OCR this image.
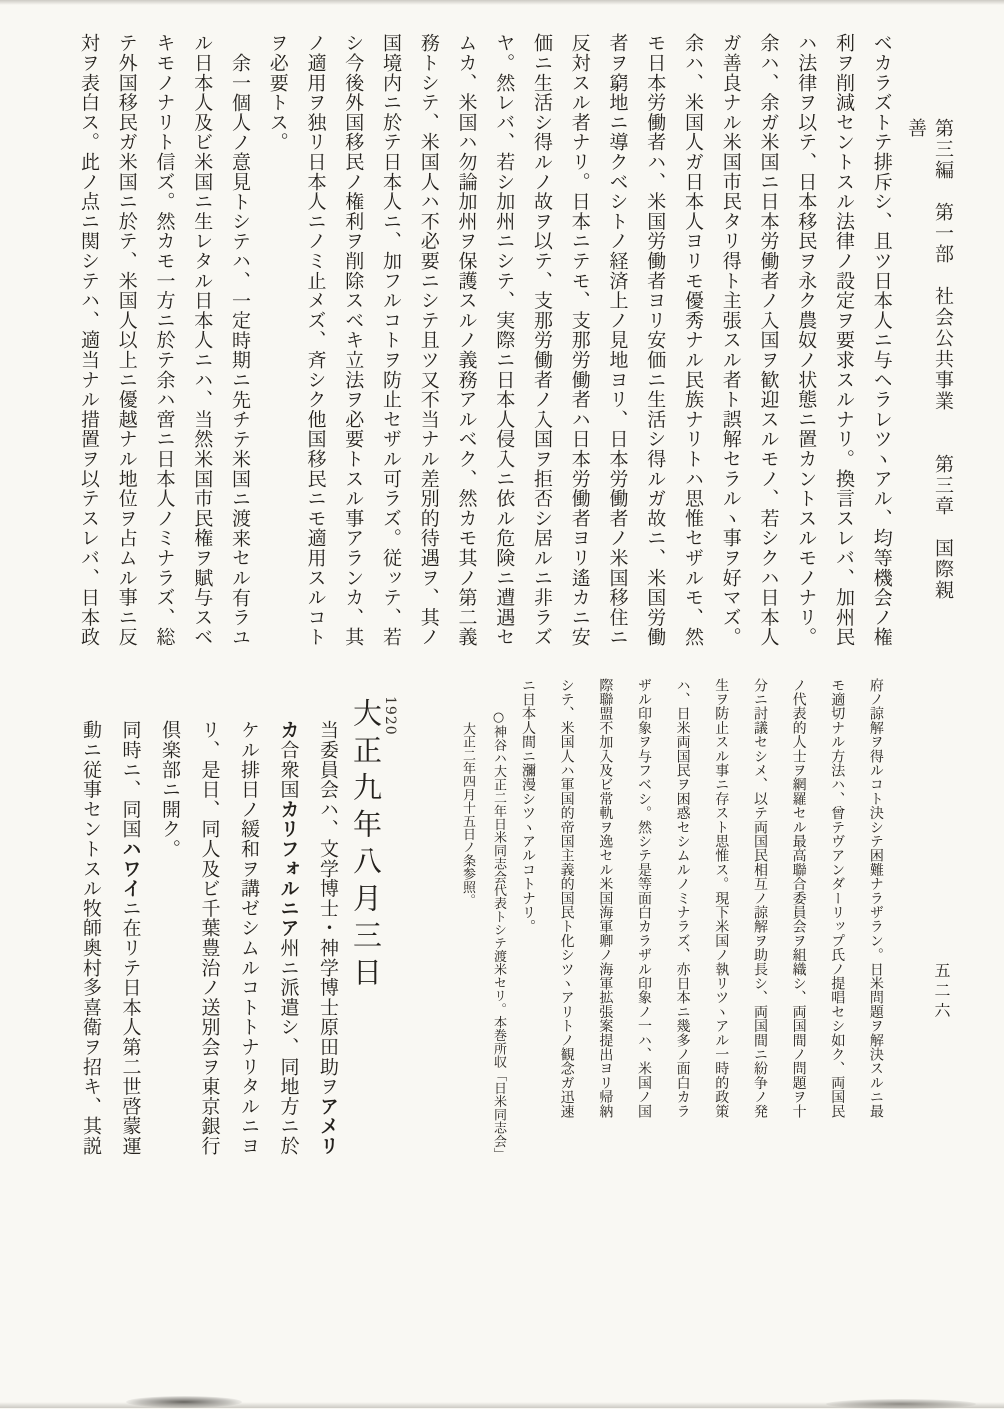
第三編　第一部　社会公共事業　　第三章　国際親善
五二六
ベカラズトテ排斥シ、且ツ日本人ニ与ヘラレツヽアル、均等機会ノ権
利ヲ削減セントスル法律ノ設定ヲ要求スルナリ。換言スレバ、加州民
ハ法律ヲ以テ、日本移民ヲ永ク農奴ノ状態ニ置カントスルモノナリ。
余ハ、余ガ米国ニ日本労働者ノ入国ヲ歓迎スルモノ、若シクハ日本人
ガ善良ナル米国市民タリ得ト主張スル者ト誤解セラルヽ事ヲ好マズ。
余ハ、米国人ガ日本人ヨリモ優秀ナル民族ナリトハ思惟セザルモ、然
モ日本労働者ハ、米国労働者ヨリ安価ニ生活シ得ルガ故ニ、米国労働
者ヲ窮地ニ導クベシトノ経済上ノ見地ヨリ、日本労働者ノ米国移住ニ
反対スル者ナリ。日本ニテモ、支那労働者ハ日本労働者ヨリ遙カニ安
価ニ生活シ得ルノ故ヲ以テ、支那労働者ノ入国ヲ拒否シ居ルニ非ラズ
ヤ。然レバ、若シ加州ニシテ、実際ニ日本人侵入ニ依ル危険ニ遭遇セ
ムカ、米国ハ勿論加州ヲ保護スルノ義務アルベク、然カモ其ノ第二義
務トシテ、米国人ハ不必要ニシテ且ツ又不当ナル差別的待遇ヲ、其ノ
国境内ニ於テ日本人ニ、加フルコトヲ防止セザル可ラズ。従ッテ、若
シ今後外国移民ノ権利ヲ削除スベキ立法ヲ必要トスル事アランカ、其
ノ適用ヲ独リ日本人ニノミ止メズ、斉シク他国移民ニモ適用スルコト
ヲ必要トス。
余一個人ノ意見トシテハ、一定時期ニ先チテ米国ニ渡来セル有ラユ
ル日本人及ビ米国ニ生レタル日本人ニハ、当然米国市民権ヲ賦与スベ
キモノナリト信ズ。然カモ一方ニ於テ余ハ啻ニ日本人ノミナラズ、総
テ外国移民ガ米国ニ於テ、米国人以上ニ優越ナル地位ヲ占ムル事ニ反
対ヲ表白ス。此ノ点ニ関シテハ、適当ナル措置ヲ以テスレバ、日本政
府ノ諒解ヲ得ルコト決シテ困難ナラザラン。日米問題ヲ解決スルニ最
モ適切ナル方法ハ、曾テヴアンダーリップ氏ノ提唱セシ如ク、両国民
ノ代表的人士ヲ網羅セル最高聯合委員会ヲ組織シ、両国間ノ問題ヲ十
分ニ討議セシメ、以テ両国民相互ノ諒解ヲ助長シ、両国間ニ紛争ノ発
生ヲ防止スル事ニ存スト思惟ス。現下米国ノ執リツヽアル一時的政策
ハ、日米両国民ヲ困惑セシムルノミナラズ、亦日本ニ幾多ノ面白カラ
ザル印象ヲ与フベシ。然シテ是等面白カラザル印象ノ一ハ、米国ノ国
際聯盟不加入及ビ常軌ヲ逸セル米国海軍卿ノ海軍拡張案提出ヨリ帰納
シテ、米国人ハ軍国的帝国主義的国民ト化シツヽアリトノ観念ガ迅速
ニ日本人間ニ瀰漫シツヽアルコトナリ。
○神谷ハ大正二年日米同志会代表トシテ渡米セリ。本巻所収「日米同志会」
大正二年四月十五日ノ条参照。
1920
大正九年八月三日
当委員会ハ、文学博士・神学博士原田助ヲアメリ
カ合衆国カリフォルニア州ニ派遣シ、同地方ニ於
ケル排日ノ緩和ヲ講ゼシムルコトトナリタルニヨ
リ、是日、同人及ビ千葉豊治ノ送別会ヲ東京銀行
倶楽部ニ開ク。
同時ニ、同国ハワイニ在リテ日本人第二世啓蒙運
動ニ従事セントスル牧師奥村多喜衛ヲ招キ、其説
